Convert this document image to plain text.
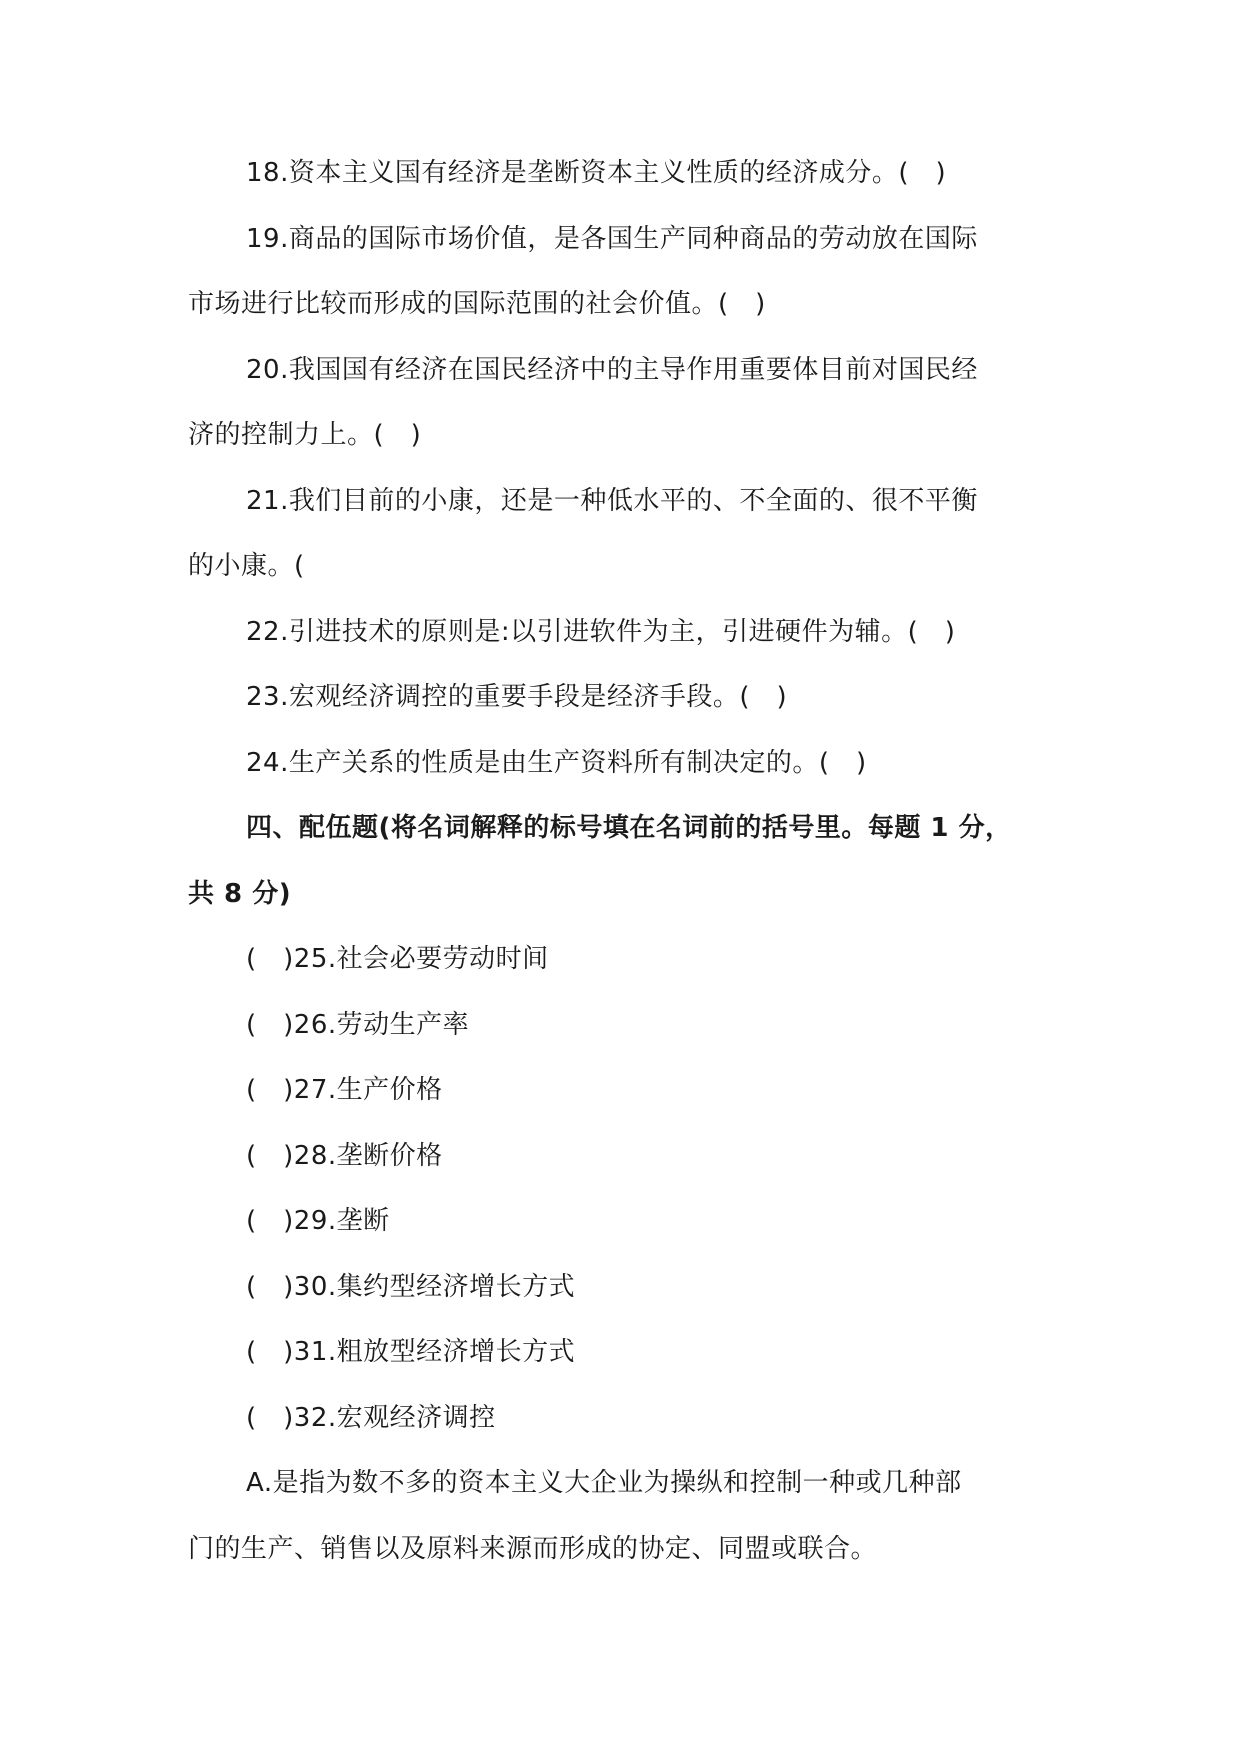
18.资本主义国有经济是垄断资本主义性质的经济成分。(　)
19.商品的国际市场价值，是各国生产同种商品的劳动放在国际
市场进行比较而形成的国际范围的社会价值。(　)
20.我国国有经济在国民经济中的主导作用重要体目前对国民经
济的控制力上。(　)
21.我们目前的小康，还是一种低水平的、不全面的、很不平衡
的小康。(
22.引进技术的原则是:以引进软件为主，引进硬件为辅。(　)
23.宏观经济调控的重要手段是经济手段。(　)
24.生产关系的性质是由生产资料所有制决定的。(　)
四、配伍题(将名词解释的标号填在名词前的括号里。每题 1 分，
共 8 分)
(　)25.社会必要劳动时间
(　)26.劳动生产率
(　)27.生产价格
(　)28.垄断价格
(　)29.垄断
(　)30.集约型经济增长方式
(　)31.粗放型经济增长方式
(　)32.宏观经济调控
A.是指为数不多的资本主义大企业为操纵和控制一种或几种部
门的生产、销售以及原料来源而形成的协定、同盟或联合。
